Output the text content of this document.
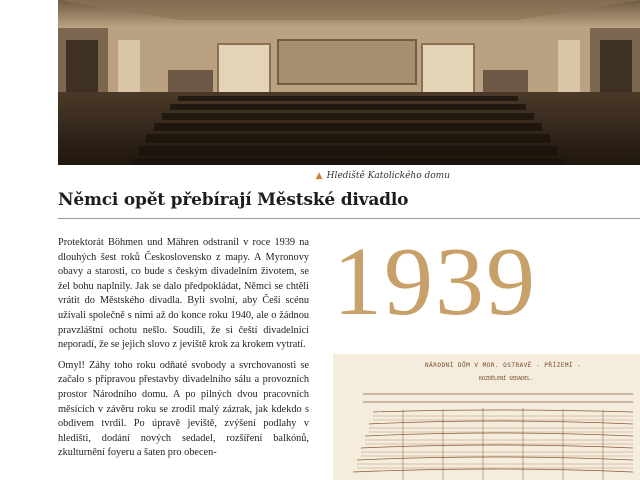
▲ Hlediště Katolického domu
Němci opět přebírají Městské divadlo

Protektorát Böhmen und Mähren odstranil v roce 1939 na dlouhých šest roků Československo z mapy. A Myronovy obavy a starosti, co bude s českým divadelním životem, se žel bohu naplnily. Jak se dalo předpokládat, Němci se chtěli vrátit do Městského divadla. Byli svolní, aby Češi scénu užívali společně s nimi až do konce roku 1940, ale o žádnou pravzláštní ochotu nešlo. Soudili, že si čeští divadelníci neporadí, že se jejich slovo z jeviště krok za krokem vytratí.

Omyl! Záhy toho roku odňaté svobody a svrchovanosti se začalo s přípravou přestavby divadelního sálu a provozních prostor Národního domu. A po pilných dvou pracovních měsících v závěru roku se zrodil malý zázrak, jak kdekdo s obdivem tvrdil. Po úpravě jeviště, zvýšení podlahy v hledišti, dodání nových sedadel, rozšíření balkónů, zkulturnění foyeru a šaten pro obecen-

1939
NÁRODNÍ DŮM V MOR. OSTRAVĚ - PŘÍZEMÍ -
ROZDĚLENÍ SEDADEL.
